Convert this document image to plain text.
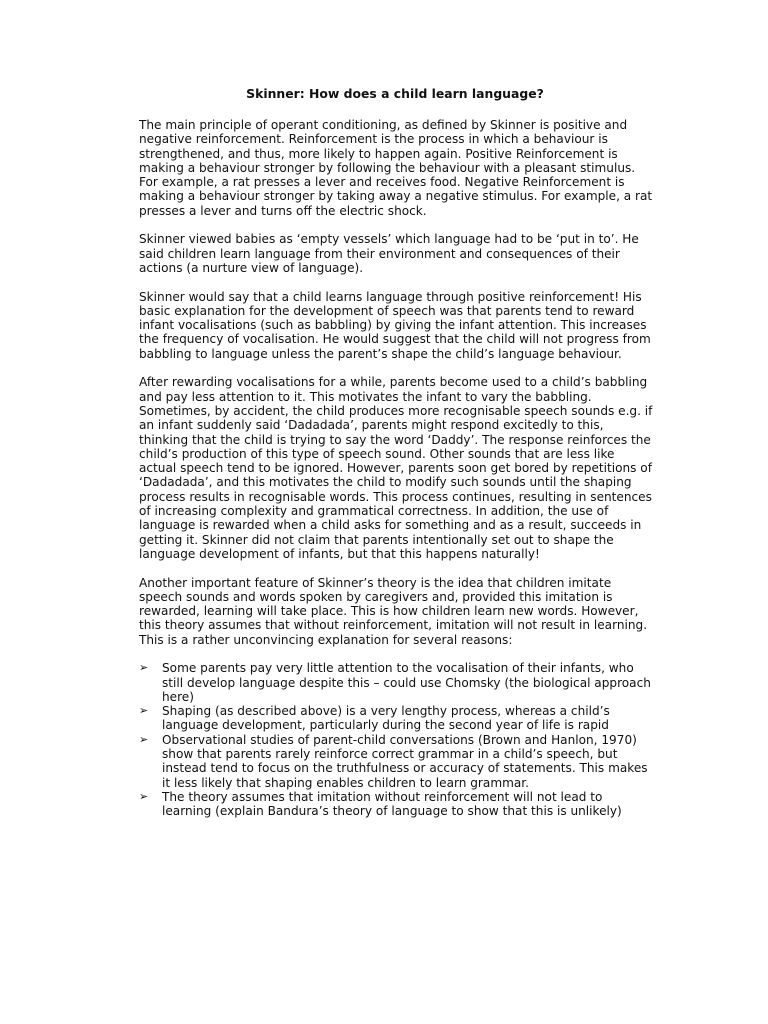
Skinner: How does a child learn language?

The main principle of operant conditioning, as defined by Skinner is positive and negative reinforcement. Reinforcement is the process in which a behaviour is strengthened, and thus, more likely to happen again. Positive Reinforcement is making a behaviour stronger by following the behaviour with a pleasant stimulus. For example, a rat presses a lever and receives food. Negative Reinforcement is making a behaviour stronger by taking away a negative stimulus. For example, a rat presses a lever and turns off the electric shock.

Skinner viewed babies as ‘empty vessels’ which language had to be ‘put in to’. He said children learn language from their environment and consequences of their actions (a nurture view of language).

Skinner would say that a child learns language through positive reinforcement! His basic explanation for the development of speech was that parents tend to reward infant vocalisations (such as babbling) by giving the infant attention. This increases the frequency of vocalisation. He would suggest that the child will not progress from babbling to language unless the parent’s shape the child’s language behaviour.

After rewarding vocalisations for a while, parents become used to a child’s babbling and pay less attention to it. This motivates the infant to vary the babbling. Sometimes, by accident, the child produces more recognisable speech sounds e.g. if an infant suddenly said ‘Dadadada’, parents might respond excitedly to this, thinking that the child is trying to say the word ‘Daddy’. The response reinforces the child’s production of this type of speech sound. Other sounds that are less like actual speech tend to be ignored. However, parents soon get bored by repetitions of ‘Dadadada’, and this motivates the child to modify such sounds until the shaping process results in recognisable words. This process continues, resulting in sentences of increasing complexity and grammatical correctness. In addition, the use of language is rewarded when a child asks for something and as a result, succeeds in getting it. Skinner did not claim that parents intentionally set out to shape the language development of infants, but that this happens naturally!

Another important feature of Skinner’s theory is the idea that children imitate speech sounds and words spoken by caregivers and, provided this imitation is rewarded, learning will take place. This is how children learn new words. However, this theory assumes that without reinforcement, imitation will not result in learning. This is a rather unconvincing explanation for several reasons:

➢ Some parents pay very little attention to the vocalisation of their infants, who still develop language despite this – could use Chomsky (the biological approach here)
➢ Shaping (as described above) is a very lengthy process, whereas a child’s language development, particularly during the second year of life is rapid
➢ Observational studies of parent-child conversations (Brown and Hanlon, 1970) show that parents rarely reinforce correct grammar in a child’s speech, but instead tend to focus on the truthfulness or accuracy of statements. This makes it less likely that shaping enables children to learn grammar.
➢ The theory assumes that imitation without reinforcement will not lead to learning (explain Bandura’s theory of language to show that this is unlikely)
